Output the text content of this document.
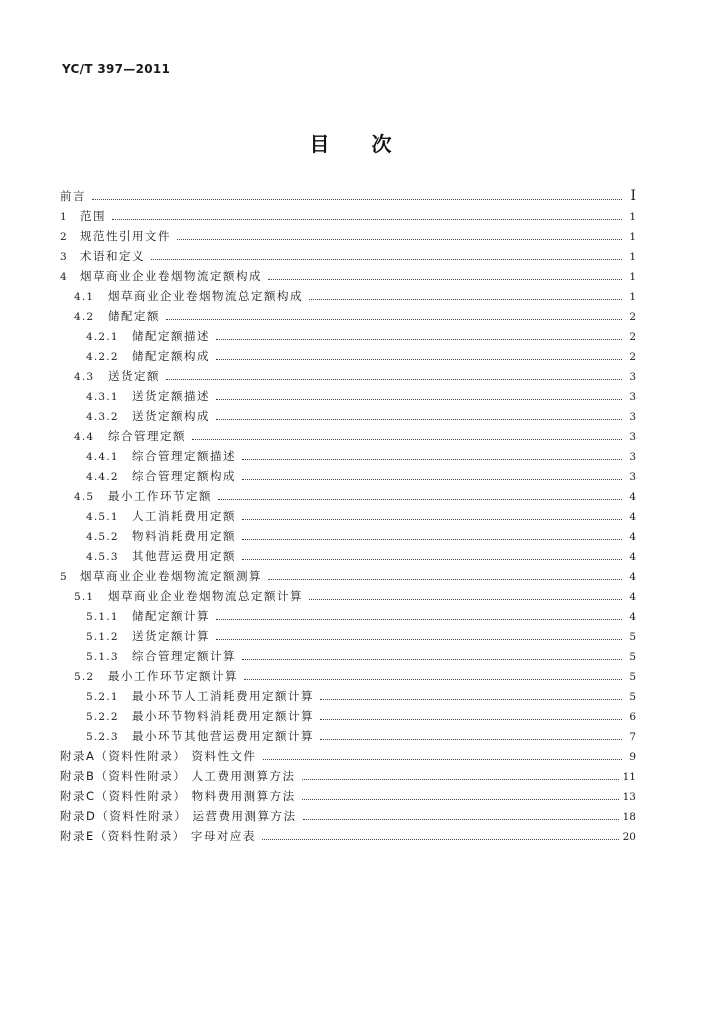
YC/T 397—2011
目 次
前言	Ⅰ
1	范围	1
2	规范性引用文件	1
3	术语和定义	1
4	烟草商业企业卷烟物流定额构成	1
4.1	烟草商业企业卷烟物流总定额构成	1
4.2	储配定额	2
4.2.1	储配定额描述	2
4.2.2	储配定额构成	2
4.3	送货定额	3
4.3.1	送货定额描述	3
4.3.2	送货定额构成	3
4.4	综合管理定额	3
4.4.1	综合管理定额描述	3
4.4.2	综合管理定额构成	3
4.5	最小工作环节定额	4
4.5.1	人工消耗费用定额	4
4.5.2	物料消耗费用定额	4
4.5.3	其他营运费用定额	4
5	烟草商业企业卷烟物流定额测算	4
5.1	烟草商业企业卷烟物流总定额计算	4
5.1.1	储配定额计算	4
5.1.2	送货定额计算	5
5.1.3	综合管理定额计算	5
5.2	最小工作环节定额计算	5
5.2.1	最小环节人工消耗费用定额计算	5
5.2.2	最小环节物料消耗费用定额计算	6
5.2.3	最小环节其他营运费用定额计算	7
附录A（资料性附录） 资料性文件	9
附录B（资料性附录） 人工费用测算方法	11
附录C（资料性附录） 物料费用测算方法	13
附录D（资料性附录） 运营费用测算方法	18
附录E（资料性附录） 字母对应表	20
